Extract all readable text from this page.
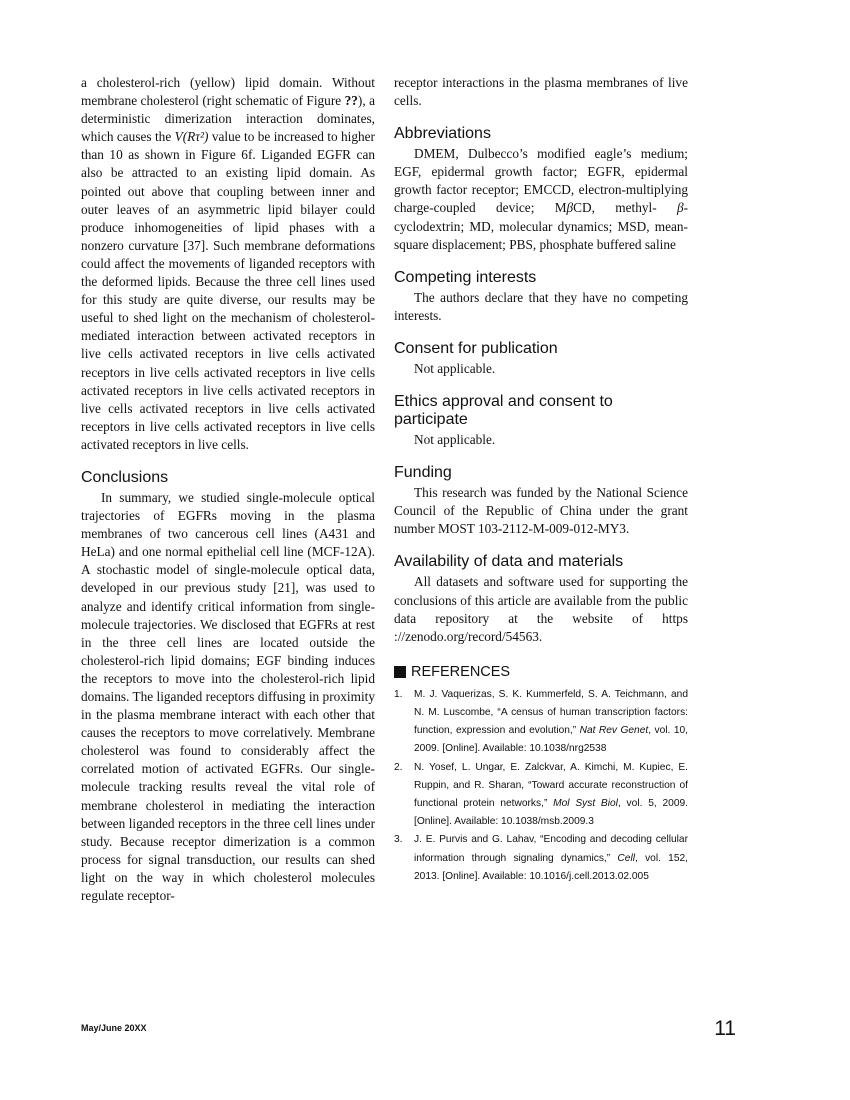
a cholesterol-rich (yellow) lipid domain. Without membrane cholesterol (right schematic of Figure ??), a deterministic dimerization interaction dominates, which causes the V(Rτ²) value to be increased to higher than 10 as shown in Figure 6f. Liganded EGFR can also be attracted to an existing lipid domain. As pointed out above that coupling between inner and outer leaves of an asymmetric lipid bilayer could produce inhomogeneities of lipid phases with a nonzero curvature [37]. Such membrane deformations could affect the movements of liganded receptors with the deformed lipids. Because the three cell lines used for this study are quite diverse, our results may be useful to shed light on the mechanism of cholesterol-mediated interaction between activated receptors in live cells activated receptors in live cells activated receptors in live cells activated receptors in live cells activated receptors in live cells activated receptors in live cells activated receptors in live cells activated receptors in live cells activated receptors in live cells activated receptors in live cells.

Conclusions

In summary, we studied single-molecule optical trajectories of EGFRs moving in the plasma membranes of two cancerous cell lines (A431 and HeLa) and one normal epithelial cell line (MCF-12A). A stochastic model of single-molecule optical data, developed in our previous study [21], was used to analyze and identify critical information from single-molecule trajectories. We disclosed that EGFRs at rest in the three cell lines are located outside the cholesterol-rich lipid domains; EGF binding induces the receptors to move into the cholesterol-rich lipid domains. The liganded receptors diffusing in proximity in the plasma membrane interact with each other that causes the receptors to move correlatively. Membrane cholesterol was found to considerably affect the correlated motion of activated EGFRs. Our single-molecule tracking results reveal the vital role of membrane cholesterol in mediating the interaction between liganded receptors in the three cell lines under study. Because receptor dimerization is a common process for signal transduction, our results can shed light on the way in which cholesterol molecules regulate receptor-

receptor interactions in the plasma membranes of live cells.

Abbreviations

DMEM, Dulbecco’s modified eagle’s medium; EGF, epidermal growth factor; EGFR, epidermal growth factor receptor; EMCCD, electron-multiplying charge-coupled device; MβCD, methyl- β-cyclodextrin; MD, molecular dynamics; MSD, mean-square displacement; PBS, phosphate buffered saline

Competing interests

The authors declare that they have no competing interests.

Consent for publication

Not applicable.

Ethics approval and consent to participate

Not applicable.

Funding

This research was funded by the National Science Council of the Republic of China under the grant number MOST 103-2112-M-009-012-MY3.

Availability of data and materials

All datasets and software used for supporting the conclusions of this article are available from the public data repository at the website of https ://zenodo.org/record/54563.

REFERENCES
1. M. J. Vaquerizas, S. K. Kummerfeld, S. A. Teichmann, and N. M. Luscombe, “A census of human transcription factors: function, expression and evolution,” Nat Rev Genet, vol. 10, 2009. [Online]. Available: 10.1038/nrg2538
2. N. Yosef, L. Ungar, E. Zalckvar, A. Kimchi, M. Kupiec, E. Ruppin, and R. Sharan, “Toward accurate reconstruction of functional protein networks,” Mol Syst Biol, vol. 5, 2009. [Online]. Available: 10.1038/msb.2009.3
3. J. E. Purvis and G. Lahav, “Encoding and decoding cellular information through signaling dynamics,” Cell, vol. 152, 2013. [Online]. Available: 10.1016/j.cell.2013.02.005
May/June 20XX	11
